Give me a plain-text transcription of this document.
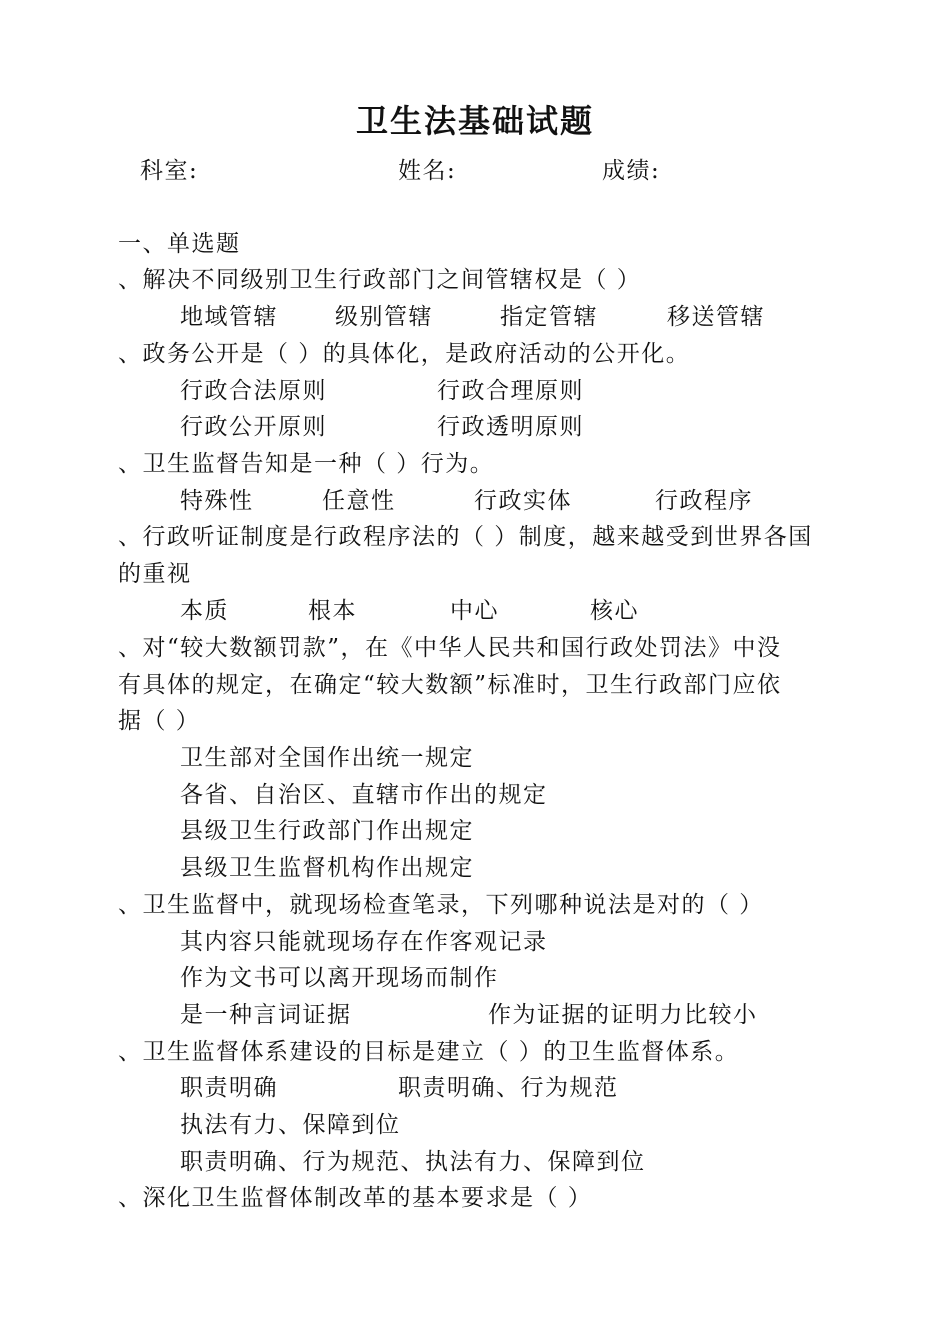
卫生法基础试题
科室:	姓名:	成绩:
一、单选题
、解决不同级别卫生行政部门之间管辖权是（ ）
地域管辖 级别管辖	指定管辖	移送管辖
、政务公开是（ ）的具体化，是政府活动的公开化。
行政合法原则	行政合理原则
行政公开原则	行政透明原则
、卫生监督告知是一种（ ）行为。
特殊性	任意性	行政实体	行政程序
、行政听证制度是行政程序法的（ ）制度，越来越受到世界各国
的重视
本质	根本	中心	核心
、对“较大数额罚款”，在《中华人民共和国行政处罚法》中没
有具体的规定，在确定“较大数额”标准时，卫生行政部门应依
据（ ）
卫生部对全国作出统一规定
各省、自治区、直辖市作出的规定
县级卫生行政部门作出规定
县级卫生监督机构作出规定
、卫生监督中，就现场检查笔录，下列哪种说法是对的（ ）
其内容只能就现场存在作客观记录
作为文书可以离开现场而制作
是一种言词证据	作为证据的证明力比较小
、卫生监督体系建设的目标是建立（ ）的卫生监督体系。
职责明确	职责明确、行为规范
执法有力、保障到位
职责明确、行为规范、执法有力、保障到位
、深化卫生监督体制改革的基本要求是（ ）
